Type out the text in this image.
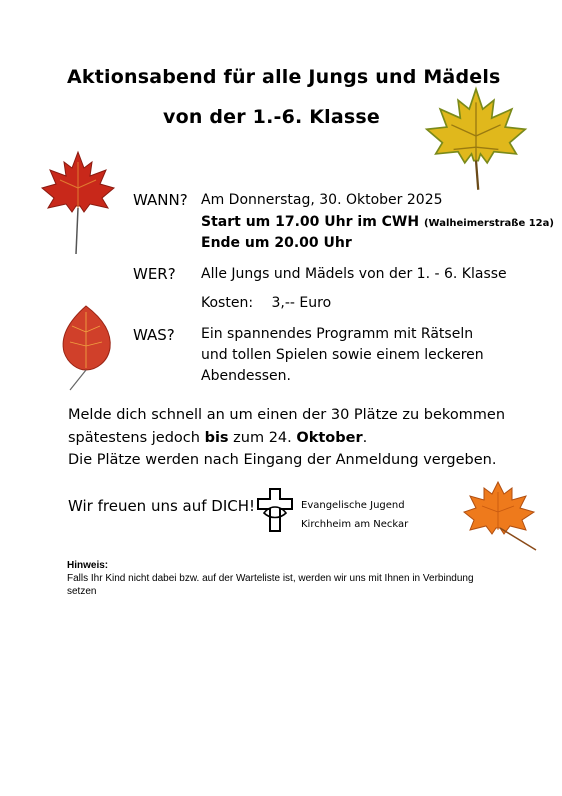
Aktionsabend für alle Jungs und Mädels
von der 1.-6. Klasse
WANN? Am Donnerstag, 30. Oktober 2025
Start um 17.00 Uhr im CWH (Walheimerstraße 12a)
Ende um 20.00 Uhr
WER? Alle Jungs und Mädels von der 1. - 6. Klasse
Kosten: 3,-- Euro
WAS? Ein spannendes Programm mit Rätseln
und tollen Spielen sowie einem leckeren
Abendessen.
Melde dich schnell an um einen der 30 Plätze zu bekommen
spätestens jedoch bis zum 24. Oktober.
Die Plätze werden nach Eingang der Anmeldung vergeben.
Wir freuen uns auf DICH!	Evangelische Jugend
Kirchheim am Neckar
Hinweis:
Falls Ihr Kind nicht dabei bzw. auf der Warteliste ist, werden wir uns mit Ihnen in Verbindung
setzen
